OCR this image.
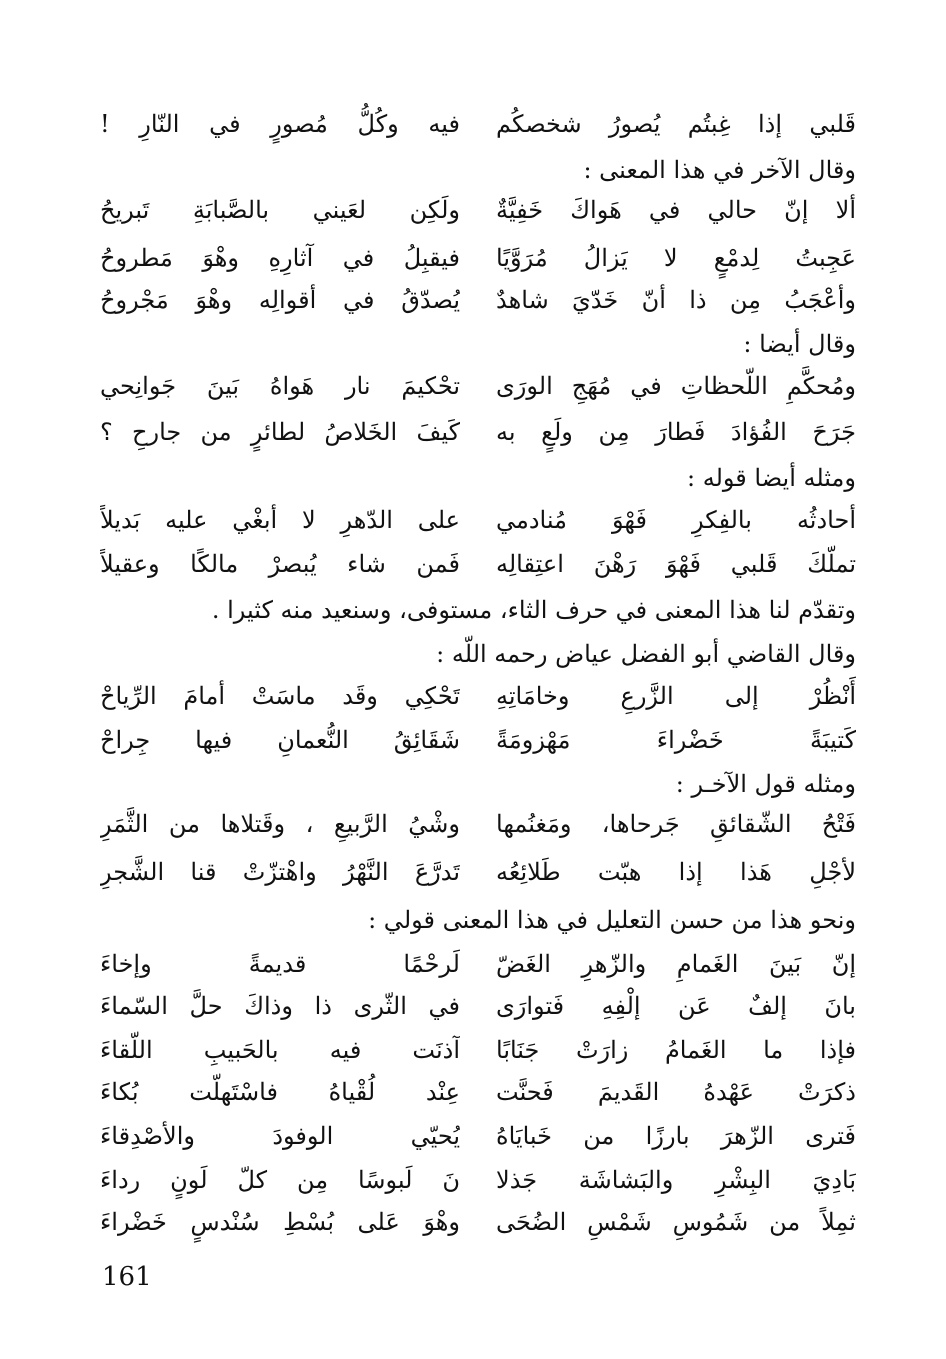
قَلبي إذا غِبتُم يُصورُ شخصكُم
فيه وكُلُّ مُصورٍ في النّارِ !
وقال الآخر في هذا المعنى :
ألا إنّ حالي في هَواكَ خَفِيَّةٌ
ولَكِن لعَيني بالصَّبابَةِ تَبريحُ
عَجِبتُ لِدمْعٍ لا يَزالُ مُرَوَّيًا
فيقبِلُ في آثارِهِ وهْوَ مَطروحُ
وأعْجَبُ مِن ذا أنّ خَدّيَ شاهدٌ
يُصدّقُ في أقوالِه وهْوَ مَجْروحُ
وقال أيضا :
ومُحكَّمِ اللّحظاتِ في مُهَجِ الورَى
تحْكيمَ نار هَواهُ بَينَ جَوانِحي
جَرَحَ الفُؤادَ فَطارَ مِن ولَعٍ به
كَيفَ الخَلاصُ لطائرٍ من جارحِ ؟
ومثله أيضا قوله :
أحادثُه بالفِكرِ فَهْوَ مُنادمي
على الدّهرِ لا أبغْي عليه بَديلاً
تملّكَ قَلبي فَهْوَ رَهْنَ اعتِقالِه
فَمن شاء يُبصرْ مالكًا وعقيلاً
وتقدّم لنا هذا المعنى في حرف الثاء، مستوفى، وسنعيد منه كثيرا .
وقال القاضي أبو الفضل عياض رحمه اللّه :
أَنْظُرْ إلى الزَّرعِ وخامَاتِهِ
تَحْكِي وقَد ماسَتْ أمامَ الرِّياحْ
كَتيبَةً خَضْراءَ مَهْزومَةً
شَقَائِقُ النُّعمانِ فيها جِراحْ
ومثله قول الآخـر :
فَتْحُ الشّقائقِ جَرحاها، ومَغنُمها
وشْيُ الرَّبيعِ ، وقَتلاها من الثَّمَرِ
لأجْلِ هَذا إذا هبّت طَلائِعُه
تَدرَّعَ النَّهْرُ واهْتزّتْ قنا الشَّجرِ
ونحو هذا من حسن التعليل في هذا المعنى قولي :
إنّ بَينَ الغَمامِ والزّهرِ الغَضّ
لَرحْمًا قديمةً وإخاءَ
بانَ إلفٌ عَن إلْفِهِ فَتوارَى
في الثّرى ذا وذاكَ حلَّ السّماءَ
فإذا ما الغَمامُ زارَتْ جَنَابًا
آذنَت فيه بالحَبيبِ اللّقاءَ
ذكرَتْ عَهْدهُ القَديمَ فَحنَّت
عِنْد لُقْياهُ فاسْتَهلّت بُكاءَ
فَترى الزّهرَ بارزًا من خَبايَاهُ
يُحيّي الوفودَ والأصْدِقاءَ
بَادِيَ البِشْرِ والبَشاشَة جَذلا
نَ لَبوسًا مِن كلّ لَونٍ رداءَ
ثمِلاً من شَمُوسِ شَمْسِ الضُحَى
وهْوَ عَلى بُسْطِ سُنْدسٍ خَضْراءَ
161
